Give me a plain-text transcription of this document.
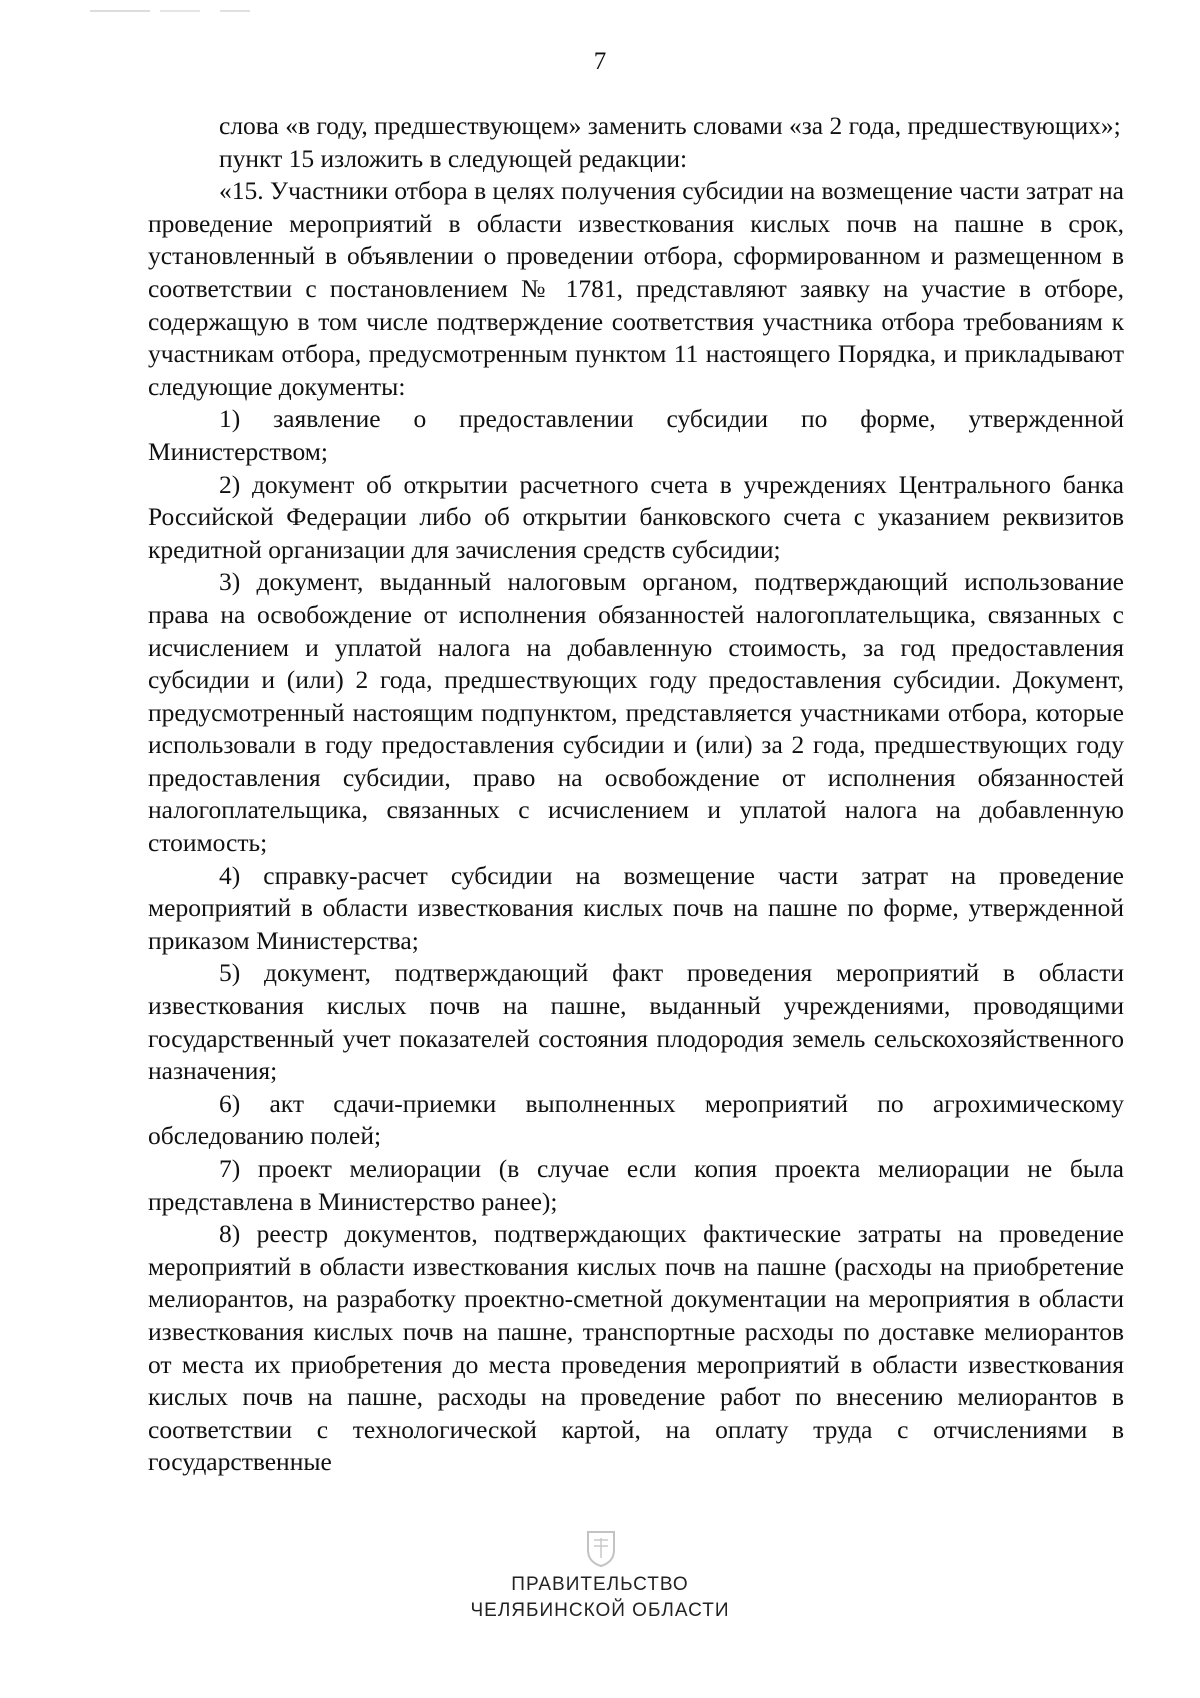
7

слова «в году, предшествующем» заменить словами «за 2 года, предшествующих»;

пункт 15 изложить в следующей редакции:

«15. Участники отбора в целях получения субсидии на возмещение части затрат на проведение мероприятий в области известкования кислых почв на пашне в срок, установленный в объявлении о проведении отбора, сформированном и размещенном в соответствии с постановлением № 1781, представляют заявку на участие в отборе, содержащую в том числе подтверждение соответствия участника отбора требованиям к участникам отбора, предусмотренным пунктом 11 настоящего Порядка, и прикладывают следующие документы:

1) заявление о предоставлении субсидии по форме, утвержденной Министерством;

2) документ об открытии расчетного счета в учреждениях Центрального банка Российской Федерации либо об открытии банковского счета с указанием реквизитов кредитной организации для зачисления средств субсидии;

3) документ, выданный налоговым органом, подтверждающий использование права на освобождение от исполнения обязанностей налогоплательщика, связанных с исчислением и уплатой налога на добавленную стоимость, за год предоставления субсидии и (или) 2 года, предшествующих году предоставления субсидии. Документ, предусмотренный настоящим подпунктом, представляется участниками отбора, которые использовали в году предоставления субсидии и (или) за 2 года, предшествующих году предоставления субсидии, право на освобождение от исполнения обязанностей налогоплательщика, связанных с исчислением и уплатой налога на добавленную стоимость;

4) справку-расчет субсидии на возмещение части затрат на проведение мероприятий в области известкования кислых почв на пашне по форме, утвержденной приказом Министерства;

5) документ, подтверждающий факт проведения мероприятий в области известкования кислых почв на пашне, выданный учреждениями, проводящими государственный учет показателей состояния плодородия земель сельскохозяйственного назначения;

6) акт сдачи-приемки выполненных мероприятий по агрохимическому обследованию полей;

7) проект мелиорации (в случае если копия проекта мелиорации не была представлена в Министерство ранее);

8) реестр документов, подтверждающих фактические затраты на проведение мероприятий в области известкования кислых почв на пашне (расходы на приобретение мелиорантов, на разработку проектно-сметной документации на мероприятия в области известкования кислых почв на пашне, транспортные расходы по доставке мелиорантов от места их приобретения до места проведения мероприятий в области известкования кислых почв на пашне, расходы на проведение работ по внесению мелиорантов в соответствии с технологической картой, на оплату труда с отчислениями в государственные

ПРАВИТЕЛЬСТВО
ЧЕЛЯБИНСКОЙ ОБЛАСТИ
